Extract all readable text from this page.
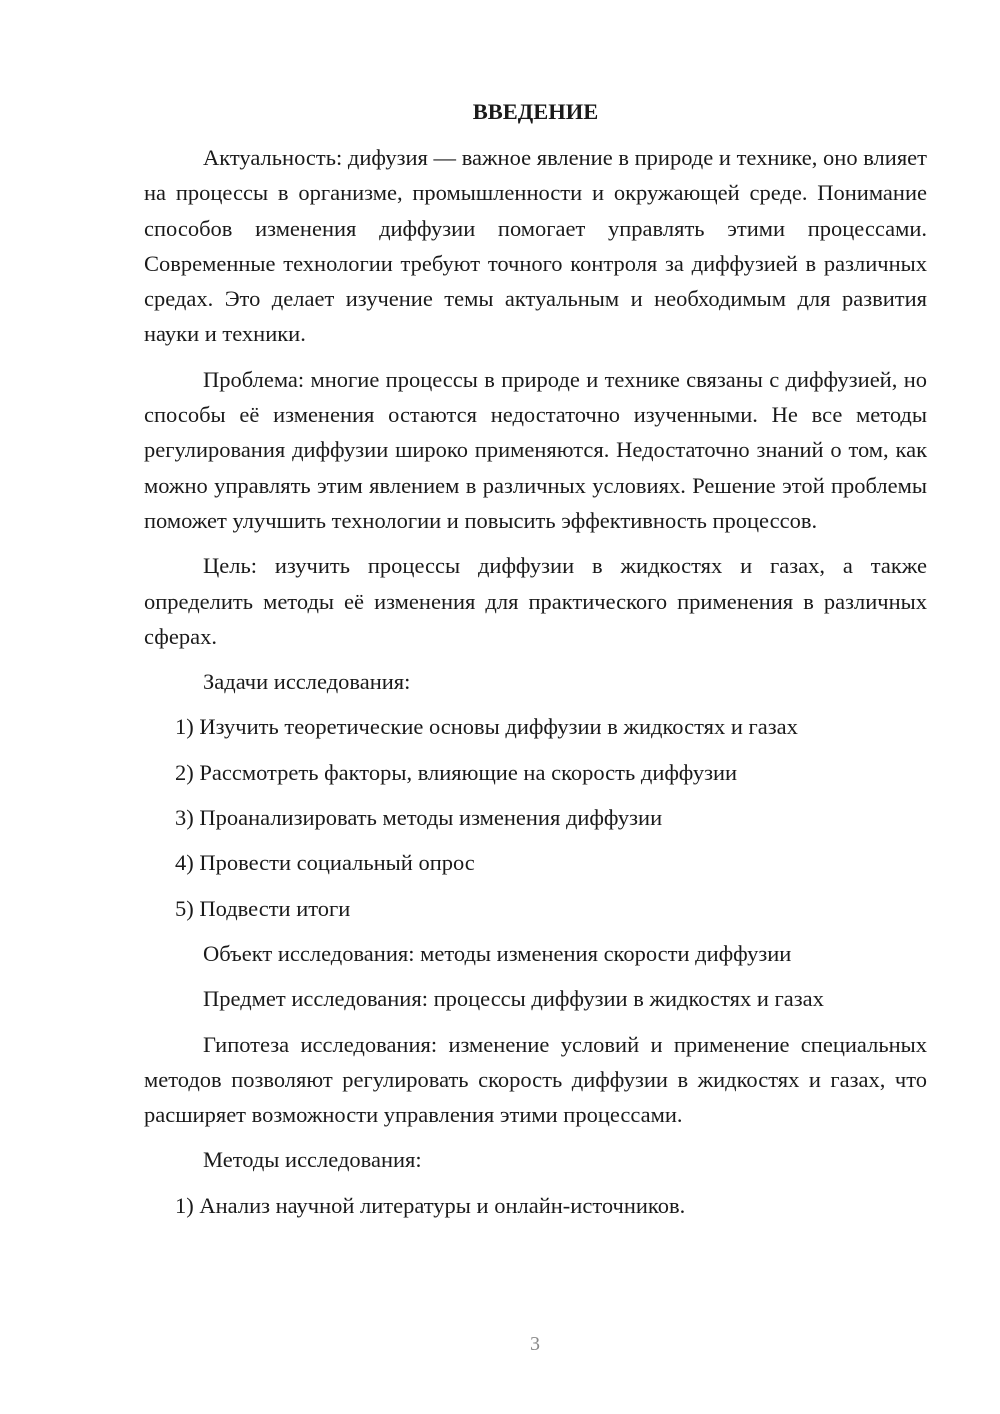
ВВЕДЕНИЕ
Актуальность: дифузия — важное явление в природе и технике, оно влияет на процессы в организме, промышленности и окружающей среде. Понимание способов изменения диффузии помогает управлять этими процессами. Современные технологии требуют точного контроля за диффузией в различных средах. Это делает изучение темы актуальным и необходимым для развития науки и техники.
Проблема: многие процессы в природе и технике связаны с диффузией, но способы её изменения остаются недостаточно изученными. Не все методы регулирования диффузии широко применяются. Недостаточно знаний о том, как можно управлять этим явлением в различных условиях. Решение этой проблемы поможет улучшить технологии и повысить эффективность процессов.
Цель: изучить процессы диффузии в жидкостях и газах, а также определить методы её изменения для практического применения в различных сферах.
Задачи исследования:
1) Изучить теоретические основы диффузии в жидкостях и газах
2) Рассмотреть факторы, влияющие на скорость диффузии
3) Проанализировать методы изменения диффузии
4) Провести социальный опрос
5) Подвести итоги
Объект исследования: методы изменения скорости диффузии
Предмет исследования: процессы диффузии в жидкостях и газах
Гипотеза исследования: изменение условий и применение специальных методов позволяют регулировать скорость диффузии в жидкостях и газах, что расширяет возможности управления этими процессами.
Методы исследования:
1) Анализ научной литературы и онлайн-источников.
3
